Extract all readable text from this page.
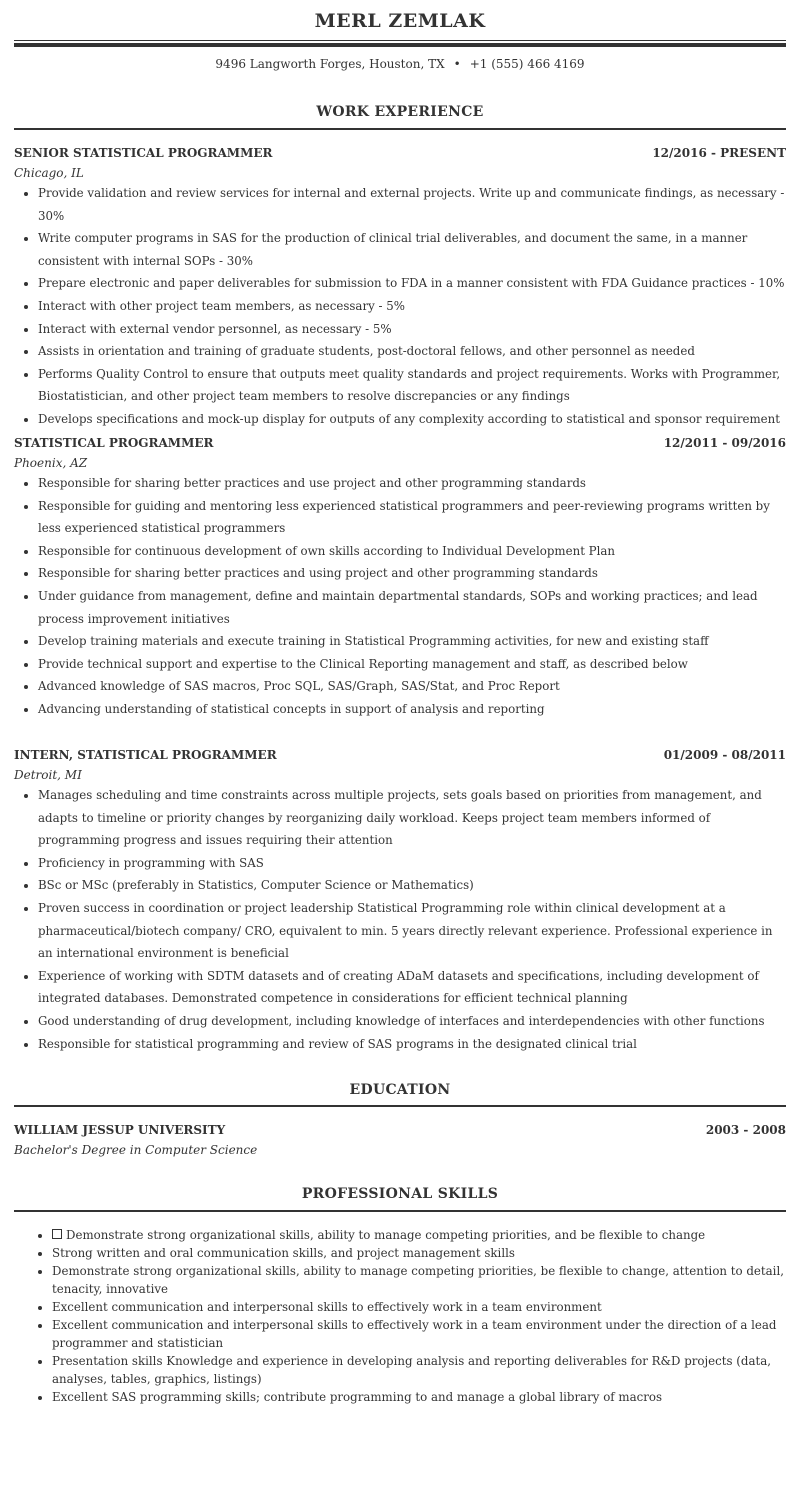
MERL ZEMLAK
9496 Langworth Forges, Houston, TX • +1 (555) 466 4169
WORK EXPERIENCE
SENIOR STATISTICAL PROGRAMMER	12/2016 - PRESENT
Chicago, IL
• Provide validation and review services for internal and external projects. Write up and communicate findings, as necessary - 30%
• Write computer programs in SAS for the production of clinical trial deliverables, and document the same, in a manner consistent with internal SOPs - 30%
• Prepare electronic and paper deliverables for submission to FDA in a manner consistent with FDA Guidance practices - 10%
• Interact with other project team members, as necessary - 5%
• Interact with external vendor personnel, as necessary - 5%
• Assists in orientation and training of graduate students, post-doctoral fellows, and other personnel as needed
• Performs Quality Control to ensure that outputs meet quality standards and project requirements. Works with Programmer, Biostatistician, and other project team members to resolve discrepancies or any findings
• Develops specifications and mock-up display for outputs of any complexity according to statistical and sponsor requirement
STATISTICAL PROGRAMMER	12/2011 - 09/2016
Phoenix, AZ
• Responsible for sharing better practices and use project and other programming standards
• Responsible for guiding and mentoring less experienced statistical programmers and peer-reviewing programs written by less experienced statistical programmers
• Responsible for continuous development of own skills according to Individual Development Plan
• Responsible for sharing better practices and using project and other programming standards
• Under guidance from management, define and maintain departmental standards, SOPs and working practices; and lead process improvement initiatives
• Develop training materials and execute training in Statistical Programming activities, for new and existing staff
• Provide technical support and expertise to the Clinical Reporting management and staff, as described below
• Advanced knowledge of SAS macros, Proc SQL, SAS/Graph, SAS/Stat, and Proc Report
• Advancing understanding of statistical concepts in support of analysis and reporting
INTERN, STATISTICAL PROGRAMMER	01/2009 - 08/2011
Detroit, MI
• Manages scheduling and time constraints across multiple projects, sets goals based on priorities from management, and adapts to timeline or priority changes by reorganizing daily workload. Keeps project team members informed of programming progress and issues requiring their attention
• Proficiency in programming with SAS
• BSc or MSc (preferably in Statistics, Computer Science or Mathematics)
• Proven success in coordination or project leadership Statistical Programming role within clinical development at a pharmaceutical/biotech company/ CRO, equivalent to min. 5 years directly relevant experience. Professional experience in an international environment is beneficial
• Experience of working with SDTM datasets and of creating ADaM datasets and specifications, including development of integrated databases. Demonstrated competence in considerations for efficient technical planning
• Good understanding of drug development, including knowledge of interfaces and interdependencies with other functions
• Responsible for statistical programming and review of SAS programs in the designated clinical trial
EDUCATION
WILLIAM JESSUP UNIVERSITY	2003 - 2008
Bachelor's Degree in Computer Science
PROFESSIONAL SKILLS
• Demonstrate strong organizational skills, ability to manage competing priorities, and be flexible to change
• Strong written and oral communication skills, and project management skills
• Demonstrate strong organizational skills, ability to manage competing priorities, be flexible to change, attention to detail, tenacity, innovative
• Excellent communication and interpersonal skills to effectively work in a team environment
• Excellent communication and interpersonal skills to effectively work in a team environment under the direction of a lead programmer and statistician
• Presentation skills Knowledge and experience in developing analysis and reporting deliverables for R&D projects (data, analyses, tables, graphics, listings)
• Excellent SAS programming skills; contribute programming to and manage a global library of macros
